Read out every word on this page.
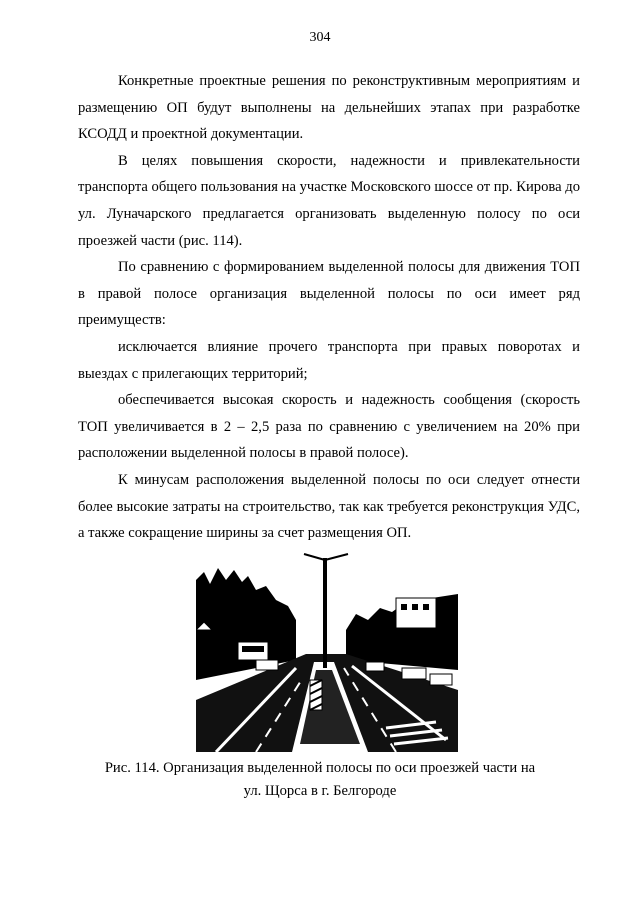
304

Конкретные проектные решения по реконструктивным мероприятиям и размещению ОП будут выполнены на дельнейших этапах при разработке КСОДД и проектной документации.

В целях повышения скорости, надежности и привлекательности транспорта общего пользования на участке Московского шоссе от пр. Кирова до ул. Луначарского предлагается организовать выделенную полосу по оси проезжей части (рис. 114).

По сравнению с формированием выделенной полосы для движения ТОП в правой полосе организация выделенной полосы по оси имеет ряд преимуществ:

исключается влияние прочего транспорта при правых поворотах и выездах с прилегающих территорий;

обеспечивается высокая скорость и надежность сообщения (скорость ТОП увеличивается в 2 – 2,5 раза по сравнению с увеличением на 20% при расположении выделенной полосы в правой полосе).

К минусам расположения выделенной полосы по оси следует отнести более высокие затраты на строительство, так как требуется реконструкция УДС, а также сокращение ширины за счет размещения ОП.

Рис. 114. Организация выделенной полосы по оси проезжей части на
ул. Щорса в г. Белгороде
